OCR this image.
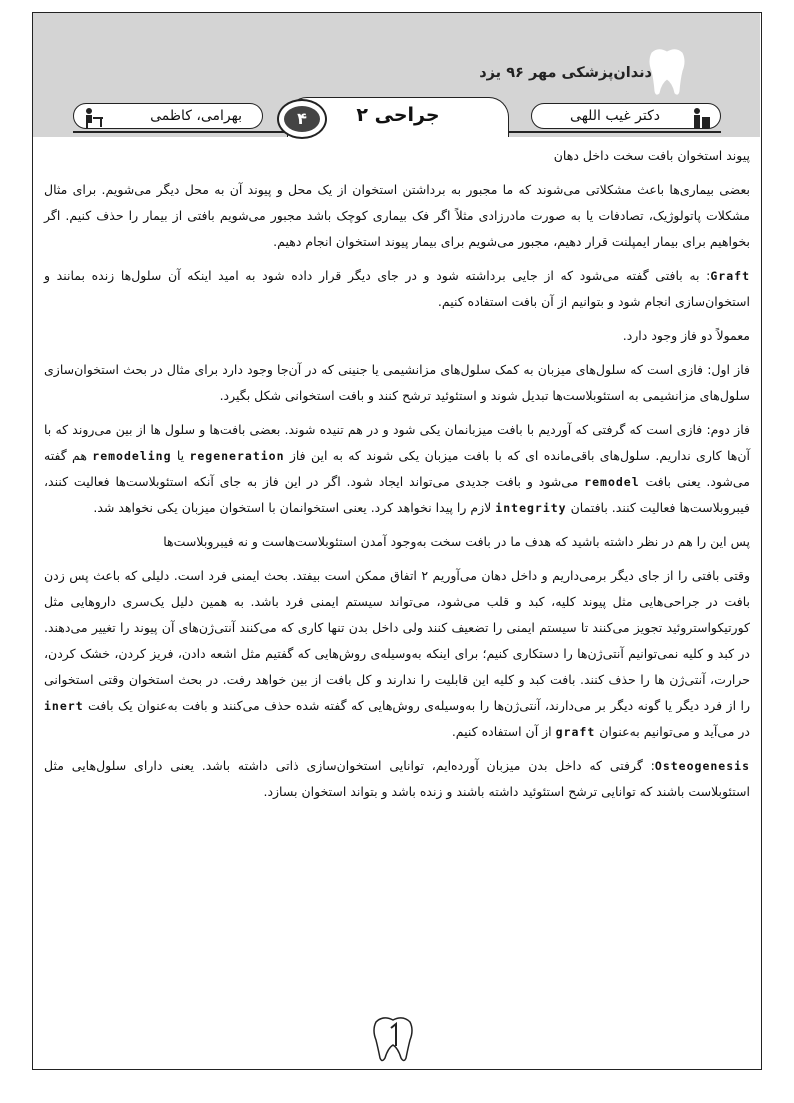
دندان‌پزشکی مهر ۹۶ یزد
بهرامی، کاظمی	جراحی ۲
۴	دکتر غیب اللهی

پیوند استخوان بافت سخت داخل دهان

بعضی بیماری‌ها باعث مشکلاتی می‌شوند که ما مجبور به برداشتن استخوان از یک محل و پیوند آن به محل دیگر می‌شویم. برای مثال مشکلات پاتولوژیک، تصادفات یا به صورت مادرزادی مثلاً اگر فک بیماری کوچک باشد مجبور می‌شویم بافتی از بیمار را حذف کنیم. اگر بخواهیم برای بیمار ایمپلنت قرار دهیم، مجبور می‌شویم برای بیمار پیوند استخوان انجام دهیم.

Graft: به بافتی گفته می‌شود که از جایی برداشته شود و در جای دیگر قرار داده شود به امید اینکه آن سلول‌ها زنده بمانند و استخوان‌سازی انجام شود و بتوانیم از آن بافت استفاده کنیم.

معمولاً دو فاز وجود دارد.

فاز اول: فازی است که سلول‌های میزبان به کمک سلول‌های مزانشیمی یا جنینی که در آن‌جا وجود دارد برای مثال در بحث استخوان‌سازی سلول‌های مزانشیمی به استئوبلاست‌ها تبدیل شوند و استئوئید ترشح کنند و بافت استخوانی شکل بگیرد.

فاز دوم: فازی است که گرفتی که آوردیم با بافت میزبانمان یکی شود و در هم تنیده شوند. بعضی بافت‌ها و سلول ها از بین می‌روند که با آن‌ها کاری نداریم. سلول‌های باقی‌مانده ای که با بافت میزبان یکی شوند که به این فاز regeneration یا remodeling هم گفته می‌شود. یعنی بافت remodel می‌شود و بافت جدیدی می‌تواند ایجاد شود. اگر در این فاز به جای آنکه استئوبلاست‌ها فعالیت کنند، فیبروبلاست‌ها فعالیت کنند. بافتمان integrity لازم را پیدا نخواهد کرد. یعنی استخوانمان با استخوان میزبان یکی نخواهد شد.

پس این را هم در نظر داشته باشید که هدف ما در بافت سخت به‌وجود آمدن استئوبلاست‌هاست و نه فیبروبلاست‌ها

وقتی بافتی را از جای دیگر برمی‌داریم و داخل دهان می‌آوریم ۲ اتفاق ممکن است بیفتد. بحث ایمنی فرد است. دلیلی که باعث پس زدن بافت در جراحی‌هایی مثل پیوند کلیه، کبد و قلب می‌شود، می‌تواند سیستم ایمنی فرد باشد. به همین دلیل یک‌سری داروهایی مثل کورتیکواستروئید تجویز می‌کنند تا سیستم ایمنی را تضعیف کنند ولی داخل بدن تنها کاری که می‌کنند آنتی‌ژن‌های آن پیوند را تغییر می‌دهند. در کبد و کلیه نمی‌توانیم آنتی‌ژن‌ها را دستکاری کنیم؛ برای اینکه به‌وسیله‌ی روش‌هایی که گفتیم مثل اشعه دادن، فریز کردن، خشک کردن، حرارت، آنتی‌ژن ها را حذف کنند. بافت کبد و کلیه این قابلیت را ندارند و کل بافت از بین خواهد رفت. در بحث استخوان وقتی استخوانی را از فرد دیگر یا گونه دیگر بر می‌دارند، آنتی‌ژن‌ها را به‌وسیله‌ی روش‌هایی که گفته شده حذف می‌کنند و بافت به‌عنوان یک بافت inert در می‌آید و می‌توانیم به‌عنوان graft از آن استفاده کنیم.

Osteogenesis: گرفتی که داخل بدن میزبان آورده‌ایم، توانایی استخوان‌سازی ذاتی داشته باشد. یعنی دارای سلول‌هایی مثل استئوبلاست باشند که توانایی ترشح استئوئید داشته باشند و زنده باشد و بتواند استخوان بسازد.
